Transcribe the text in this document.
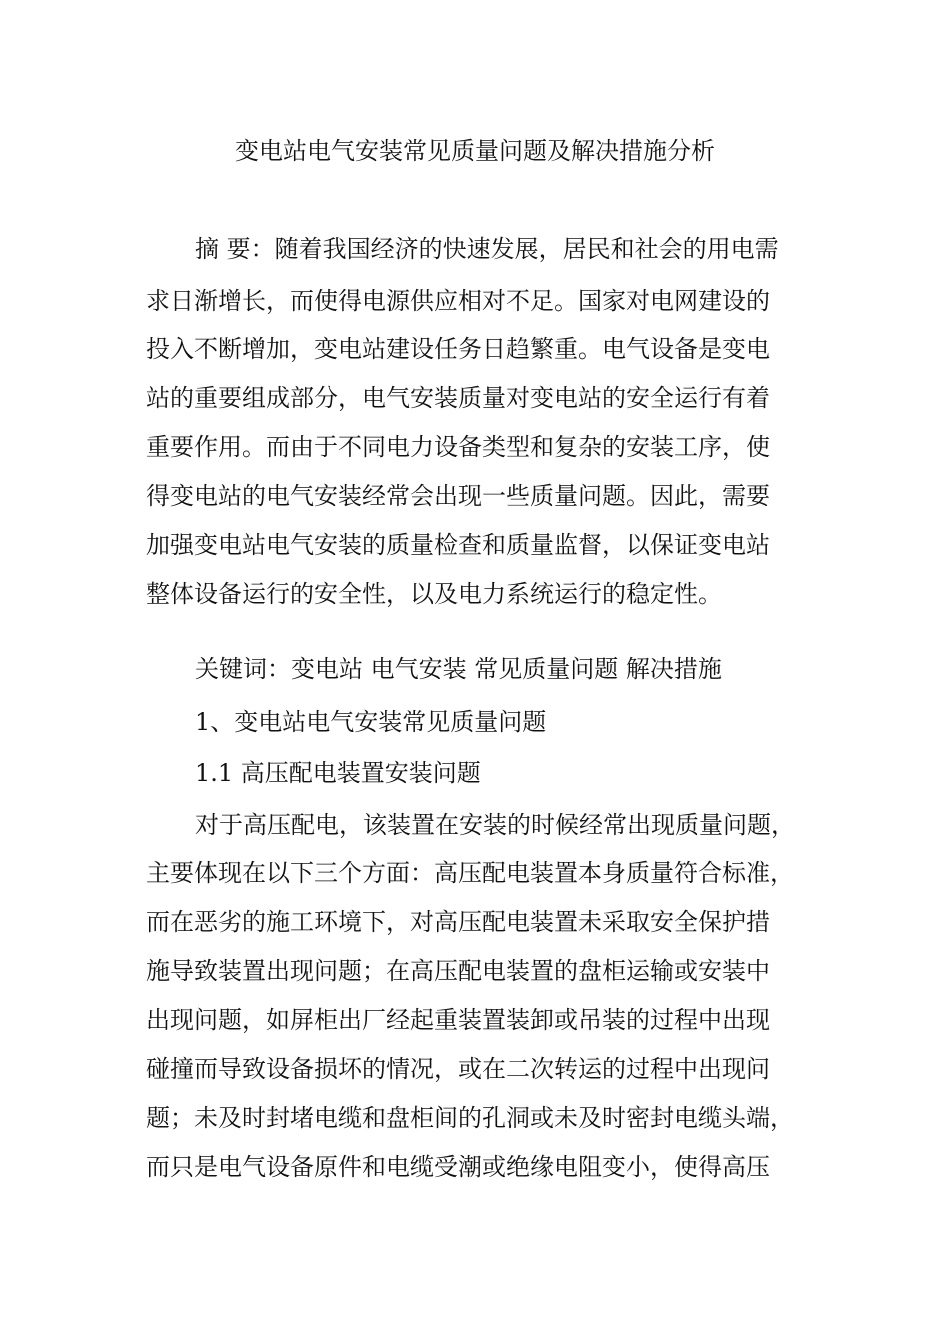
变电站电气安装常见质量问题及解决措施分析
摘 要：随着我国经济的快速发展，居民和社会的用电需
求日渐增长，而使得电源供应相对不足。国家对电网建设的
投入不断增加，变电站建设任务日趋繁重。电气设备是变电
站的重要组成部分，电气安装质量对变电站的安全运行有着
重要作用。而由于不同电力设备类型和复杂的安装工序，使
得变电站的电气安装经常会出现一些质量问题。因此，需要
加强变电站电气安装的质量检查和质量监督，以保证变电站
整体设备运行的安全性，以及电力系统运行的稳定性。
关键词：变电站 电气安装 常见质量问题 解决措施
1、变电站电气安装常见质量问题
1.1 高压配电装置安装问题
对于高压配电，该装置在安装的时候经常出现质量问题，
主要体现在以下三个方面：高压配电装置本身质量符合标准，
而在恶劣的施工环境下，对高压配电装置未采取安全保护措
施导致装置出现问题；在高压配电装置的盘柜运输或安装中
出现问题，如屏柜出厂经起重装置装卸或吊装的过程中出现
碰撞而导致设备损坏的情况，或在二次转运的过程中出现问
题；未及时封堵电缆和盘柜间的孔洞或未及时密封电缆头端，
而只是电气设备原件和电缆受潮或绝缘电阻变小，使得高压
